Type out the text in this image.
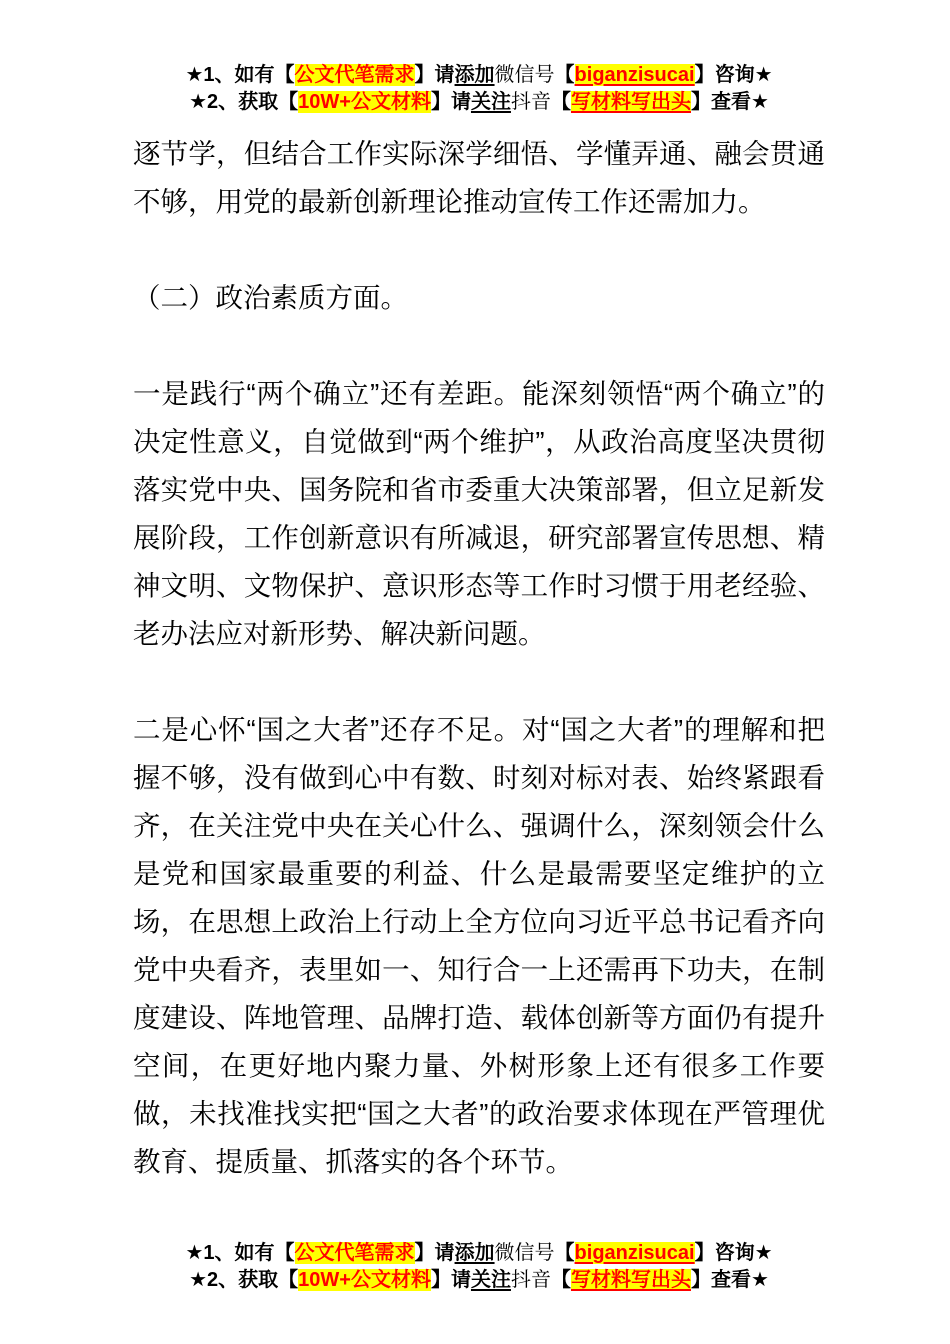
★1、如有【公文代笔需求】请添加微信号【biganzisucai】咨询★
★2、获取【10W+公文材料】请关注抖音【写材料写出头】查看★

逐节学，但结合工作实际深学细悟、学懂弄通、融会贯通不够，用党的最新创新理论推动宣传工作还需加力。

（二）政治素质方面。

一是践行“两个确立”还有差距。能深刻领悟“两个确立”的决定性意义，自觉做到“两个维护”，从政治高度坚决贯彻落实党中央、国务院和省市委重大决策部署，但立足新发展阶段，工作创新意识有所减退，研究部署宣传思想、精神文明、文物保护、意识形态等工作时习惯于用老经验、老办法应对新形势、解决新问题。

二是心怀“国之大者”还存不足。对“国之大者”的理解和把握不够，没有做到心中有数、时刻对标对表、始终紧跟看齐，在关注党中央在关心什么、强调什么，深刻领会什么是党和国家最重要的利益、什么是最需要坚定维护的立场，在思想上政治上行动上全方位向习近平总书记看齐向党中央看齐，表里如一、知行合一上还需再下功夫，在制度建设、阵地管理、品牌打造、载体创新等方面仍有提升空间，在更好地内聚力量、外树形象上还有很多工作要做，未找准找实把“国之大者”的政治要求体现在严管理优教育、提质量、抓落实的各个环节。

★1、如有【公文代笔需求】请添加微信号【biganzisucai】咨询★
★2、获取【10W+公文材料】请关注抖音【写材料写出头】查看★
